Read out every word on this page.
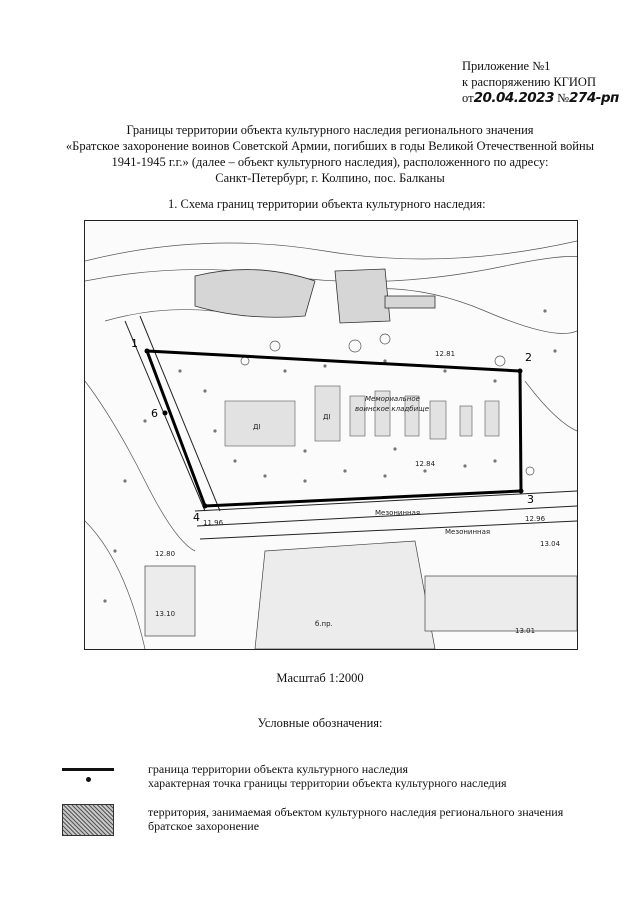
Приложение №1
к распоряжению КГИОП
от20.04.2023 №274-рп
Границы территории объекта культурного наследия регионального значения
«Братское захоронение воинов Советской Армии, погибших в годы Великой Отечественной войны
1941-1945 г.г.» (далее – объект культурного наследия), расположенного по адресу:
Санкт-Петербург, г. Колпино, пос. Балканы
1. Схема границ территории объекта культурного наследия:
1
2
3
4
6
Мемориальное
воинское кладбище
Мезонинная
Мезонинная
12.81
12.84
12.96
13.04
12.80
13.01
11.96
13.10
ДI
ДI
б.пр.
Масштаб 1:2000
Условные обозначения:
граница территории объекта культурного наследия
характерная точка границы территории объекта культурного наследия
территория, занимаемая объектом культурного наследия регионального значения
братское захоронение
